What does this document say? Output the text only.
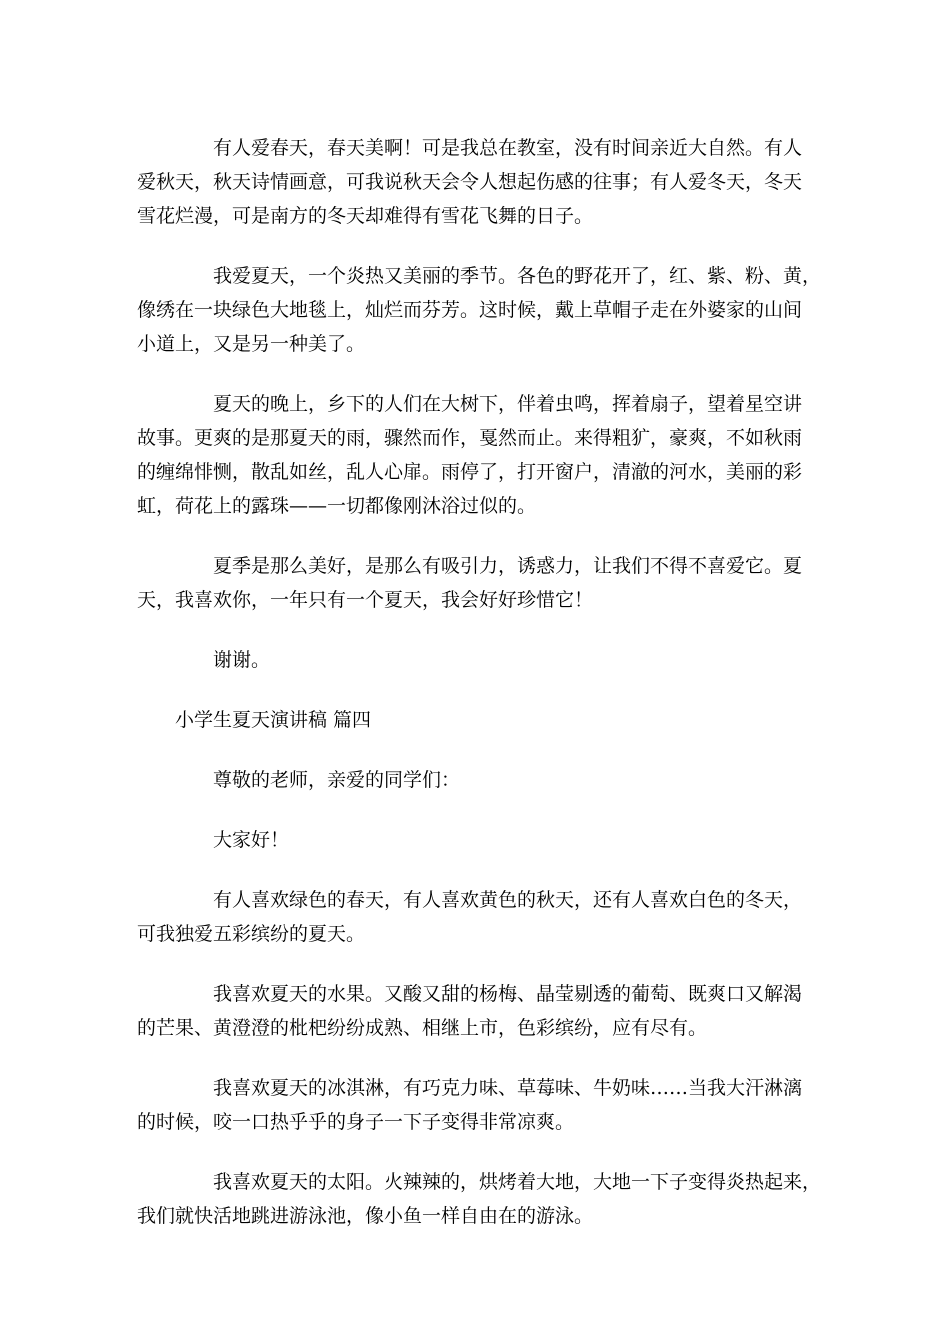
有人爱春天，春天美啊！可是我总在教室，没有时间亲近大自然。有人
爱秋天，秋天诗情画意，可我说秋天会令人想起伤感的往事；有人爱冬天，冬天
雪花烂漫，可是南方的冬天却难得有雪花飞舞的日子。
我爱夏天，一个炎热又美丽的季节。各色的野花开了，红、紫、粉、黄，
像绣在一块绿色大地毯上，灿烂而芬芳。这时候，戴上草帽子走在外婆家的山间
小道上，又是另一种美了。
夏天的晚上，乡下的人们在大树下，伴着虫鸣，挥着扇子，望着星空讲
故事。更爽的是那夏天的雨，骤然而作，戛然而止。来得粗犷，豪爽，不如秋雨
的缠绵悱恻，散乱如丝，乱人心扉。雨停了，打开窗户，清澈的河水，美丽的彩
虹，荷花上的露珠——一切都像刚沐浴过似的。
夏季是那么美好，是那么有吸引力，诱惑力，让我们不得不喜爱它。夏
天，我喜欢你，一年只有一个夏天，我会好好珍惜它！
谢谢。
小学生夏天演讲稿 篇四
尊敬的老师，亲爱的同学们：
大家好！
有人喜欢绿色的春天，有人喜欢黄色的秋天，还有人喜欢白色的冬天，
可我独爱五彩缤纷的夏天。
我喜欢夏天的水果。又酸又甜的杨梅、晶莹剔透的葡萄、既爽口又解渴
的芒果、黄澄澄的枇杷纷纷成熟、相继上市，色彩缤纷，应有尽有。
我喜欢夏天的冰淇淋，有巧克力味、草莓味、牛奶味……当我大汗淋漓
的时候，咬一口热乎乎的身子一下子变得非常凉爽。
我喜欢夏天的太阳。火辣辣的，烘烤着大地，大地一下子变得炎热起来，
我们就快活地跳进游泳池，像小鱼一样自由在的游泳。
